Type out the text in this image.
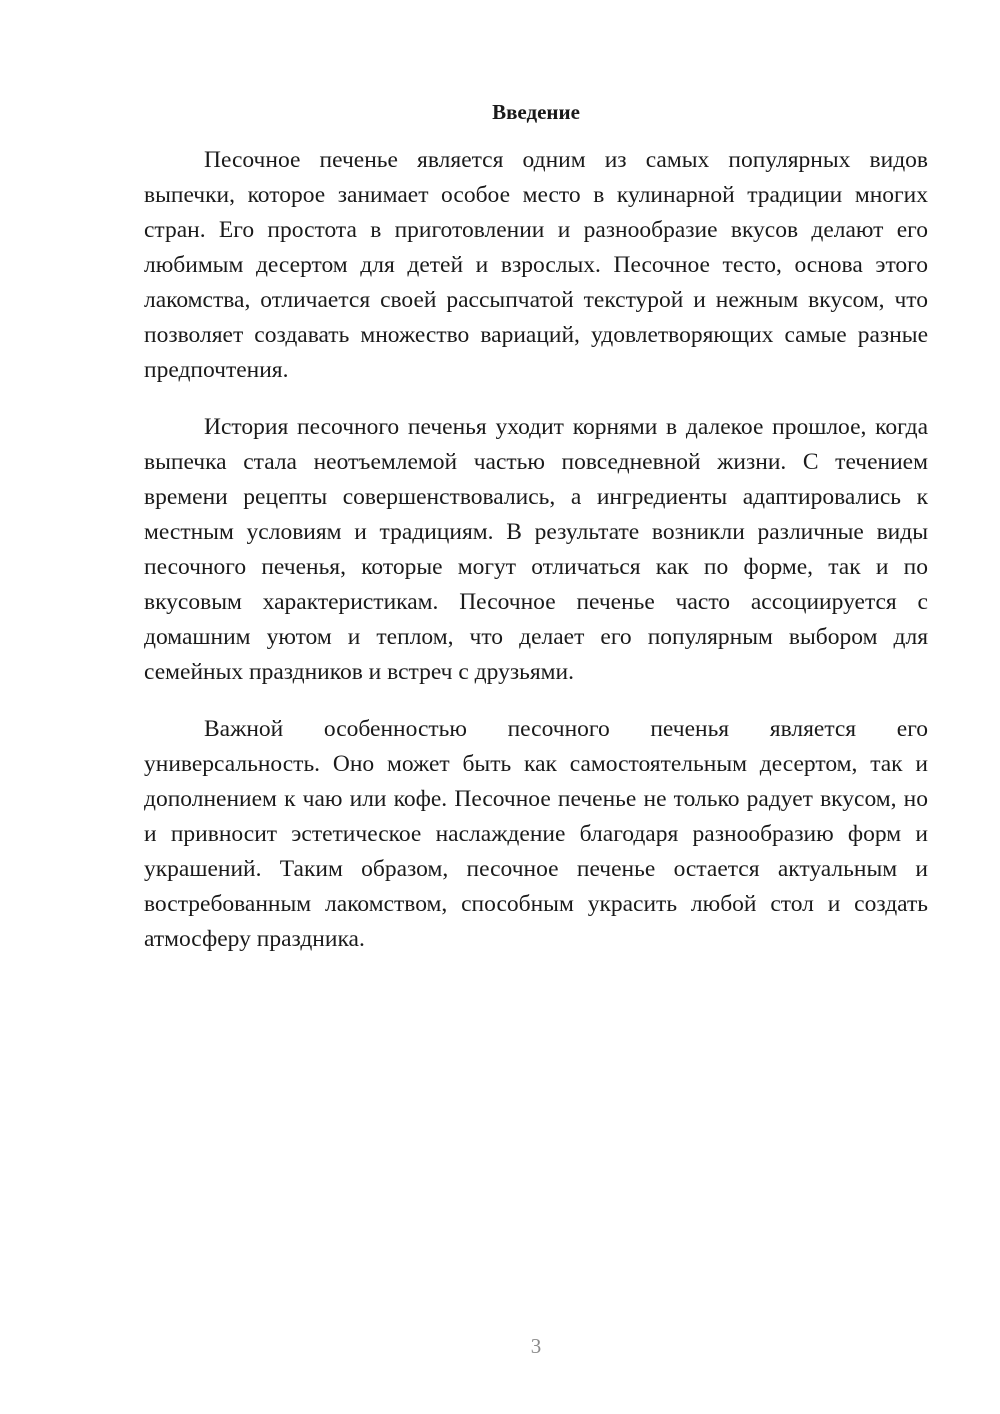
Введение

Песочное печенье является одним из самых популярных видов выпечки, которое занимает особое место в кулинарной традиции многих стран. Его простота в приготовлении и разнообразие вкусов делают его любимым десертом для детей и взрослых. Песочное тесто, основа этого лакомства, отличается своей рассыпчатой текстурой и нежным вкусом, что позволяет создавать множество вариаций, удовлетворяющих самые разные предпочтения.

История песочного печенья уходит корнями в далекое прошлое, когда выпечка стала неотъемлемой частью повседневной жизни. С течением времени рецепты совершенствовались, а ингредиенты адаптировались к местным условиям и традициям. В результате возникли различные виды песочного печенья, которые могут отличаться как по форме, так и по вкусовым характеристикам. Песочное печенье часто ассоциируется с домашним уютом и теплом, что делает его популярным выбором для семейных праздников и встреч с друзьями.

Важной особенностью песочного печенья является его универсальность. Оно может быть как самостоятельным десертом, так и дополнением к чаю или кофе. Песочное печенье не только радует вкусом, но и привносит эстетическое наслаждение благодаря разнообразию форм и украшений. Таким образом, песочное печенье остается актуальным и востребованным лакомством, способным украсить любой стол и создать атмосферу праздника.

3
